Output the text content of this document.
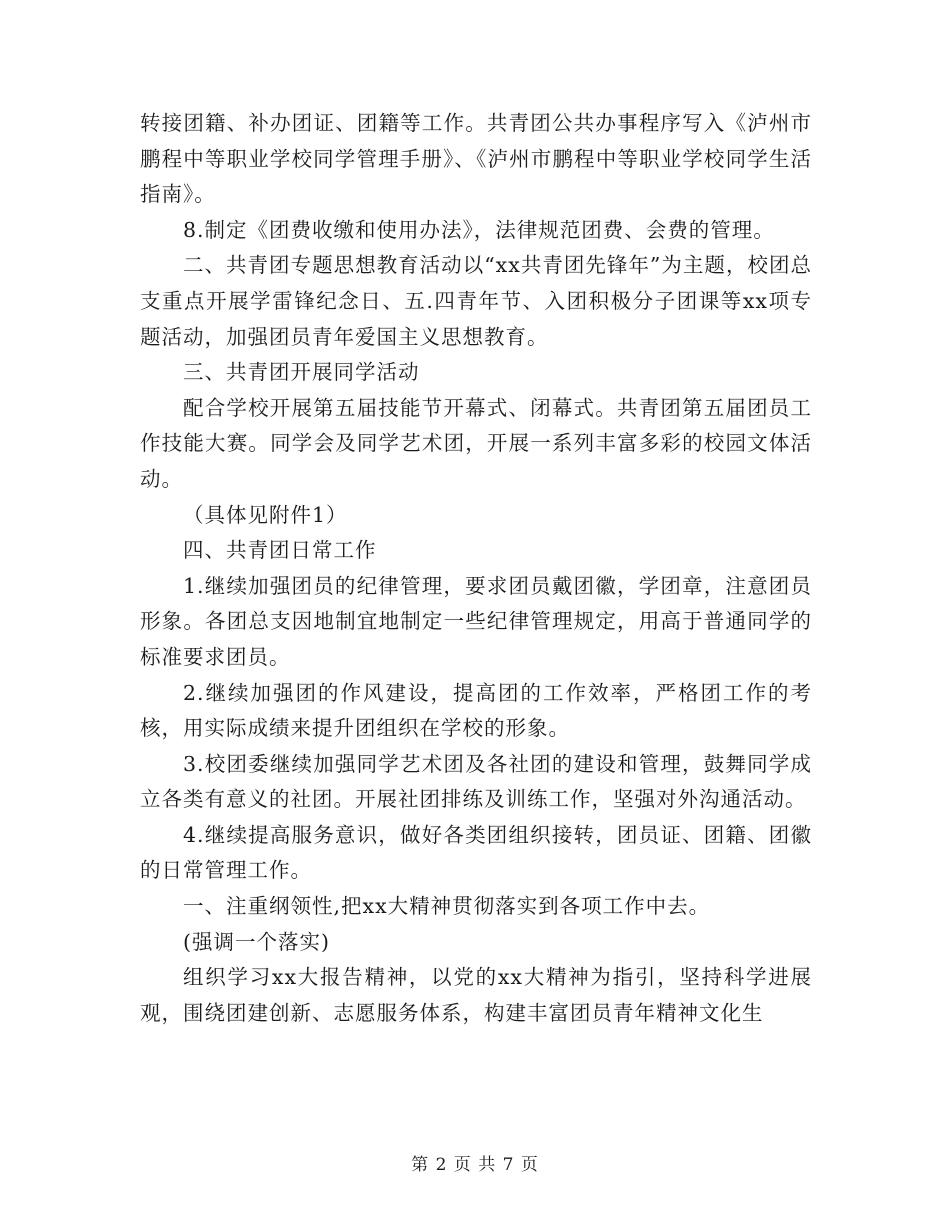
转接团籍、补办团证、团籍等工作。共青团公共办事程序写入《泸州市鹏程中等职业学校同学管理手册》、《泸州市鹏程中等职业学校同学生活指南》。

8.制定《团费收缴和使用办法》，法律规范团费、会费的管理。

二、共青团专题思想教育活动以“xx共青团先锋年”为主题，校团总支重点开展学雷锋纪念日、五.四青年节、入团积极分子团课等xx项专题活动，加强团员青年爱国主义思想教育。

三、共青团开展同学活动

配合学校开展第五届技能节开幕式、闭幕式。共青团第五届团员工作技能大赛。同学会及同学艺术团，开展一系列丰富多彩的校园文体活动。

（具体见附件1）

四、共青团日常工作

1.继续加强团员的纪律管理，要求团员戴团徽，学团章，注意团员形象。各团总支因地制宜地制定一些纪律管理规定，用高于普通同学的标准要求团员。

2.继续加强团的作风建设，提高团的工作效率，严格团工作的考核，用实际成绩来提升团组织在学校的形象。

3.校团委继续加强同学艺术团及各社团的建设和管理，鼓舞同学成立各类有意义的社团。开展社团排练及训练工作，坚强对外沟通活动。

4.继续提高服务意识，做好各类团组织接转，团员证、团籍、团徽的日常管理工作。

一、注重纲领性,把xx大精神贯彻落实到各项工作中去。

(强调一个落实)

组织学习xx大报告精神，以党的xx大精神为指引，坚持科学进展观，围绕团建创新、志愿服务体系，构建丰富团员青年精神文化生

第 2 页 共 7 页
